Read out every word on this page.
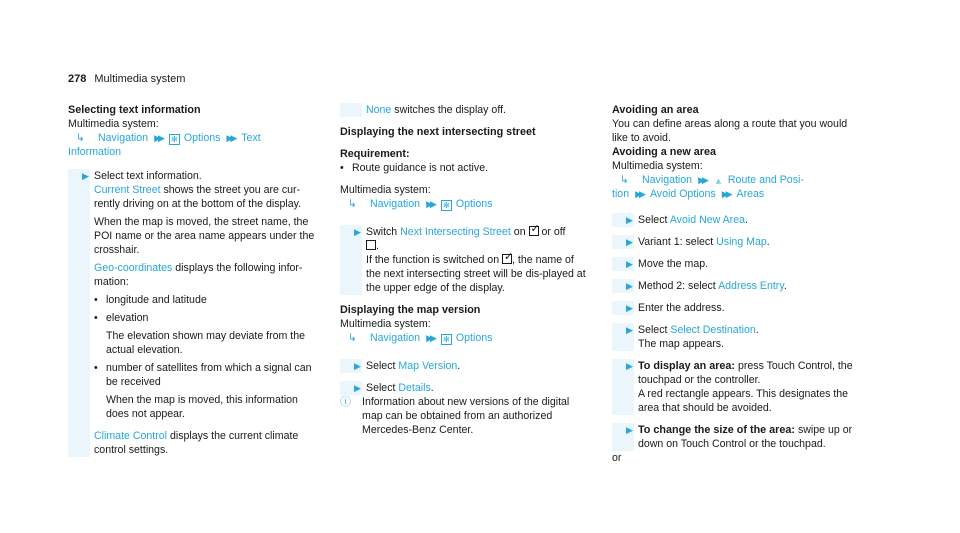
278 Multimedia system
Selecting text information
Multimedia system:
↳ Navigation ▶▶ ✻ Options ▶▶ Text
Information
▶ Select text information.
Current Street shows the street you are cur-rently driving on at the bottom of the display.
When the map is moved, the street name, the POI name or the area name appears under the crosshair.
Geo-coordinates displays the following infor-mation:
• longitude and latitude
• elevation
The elevation shown may deviate from the actual elevation.
• number of satellites from which a signal can be received
When the map is moved, this information does not appear.
Climate Control displays the current climate control settings.
None switches the display off.
Displaying the next intersecting street
Requirement:
• Route guidance is not active.
Multimedia system:
↳ Navigation ▶▶ ✻ Options
▶ Switch Next Intersecting Street on ✓ or off
.
If the function is switched on ✓, the name of the next intersecting street will be dis-played at the upper edge of the display.
Displaying the map version
Multimedia system:
↳ Navigation ▶▶ ✻ Options
▶ Select Map Version.
▶ Select Details.
ⓘ	Information about new versions of the digital map can be obtained from an authorized Mercedes-Benz Center.
Avoiding an area
You can define areas along a route that you would like to avoid.
Avoiding a new area
Multimedia system:
↳ Navigation ▶▶ ⩓ Route and Posi-
tion ▶▶ Avoid Options ▶▶ Areas
▶ Select Avoid New Area.
▶ Variant 1: select Using Map.
▶ Move the map.
▶ Method 2: select Address Entry.
▶ Enter the address.
▶ Select Select Destination.
The map appears.
▶ To display an area: press Touch Control, the touchpad or the controller.
A red rectangle appears. This designates the area that should be avoided.
▶ To change the size of the area: swipe up or down on Touch Control or the touchpad.
or
